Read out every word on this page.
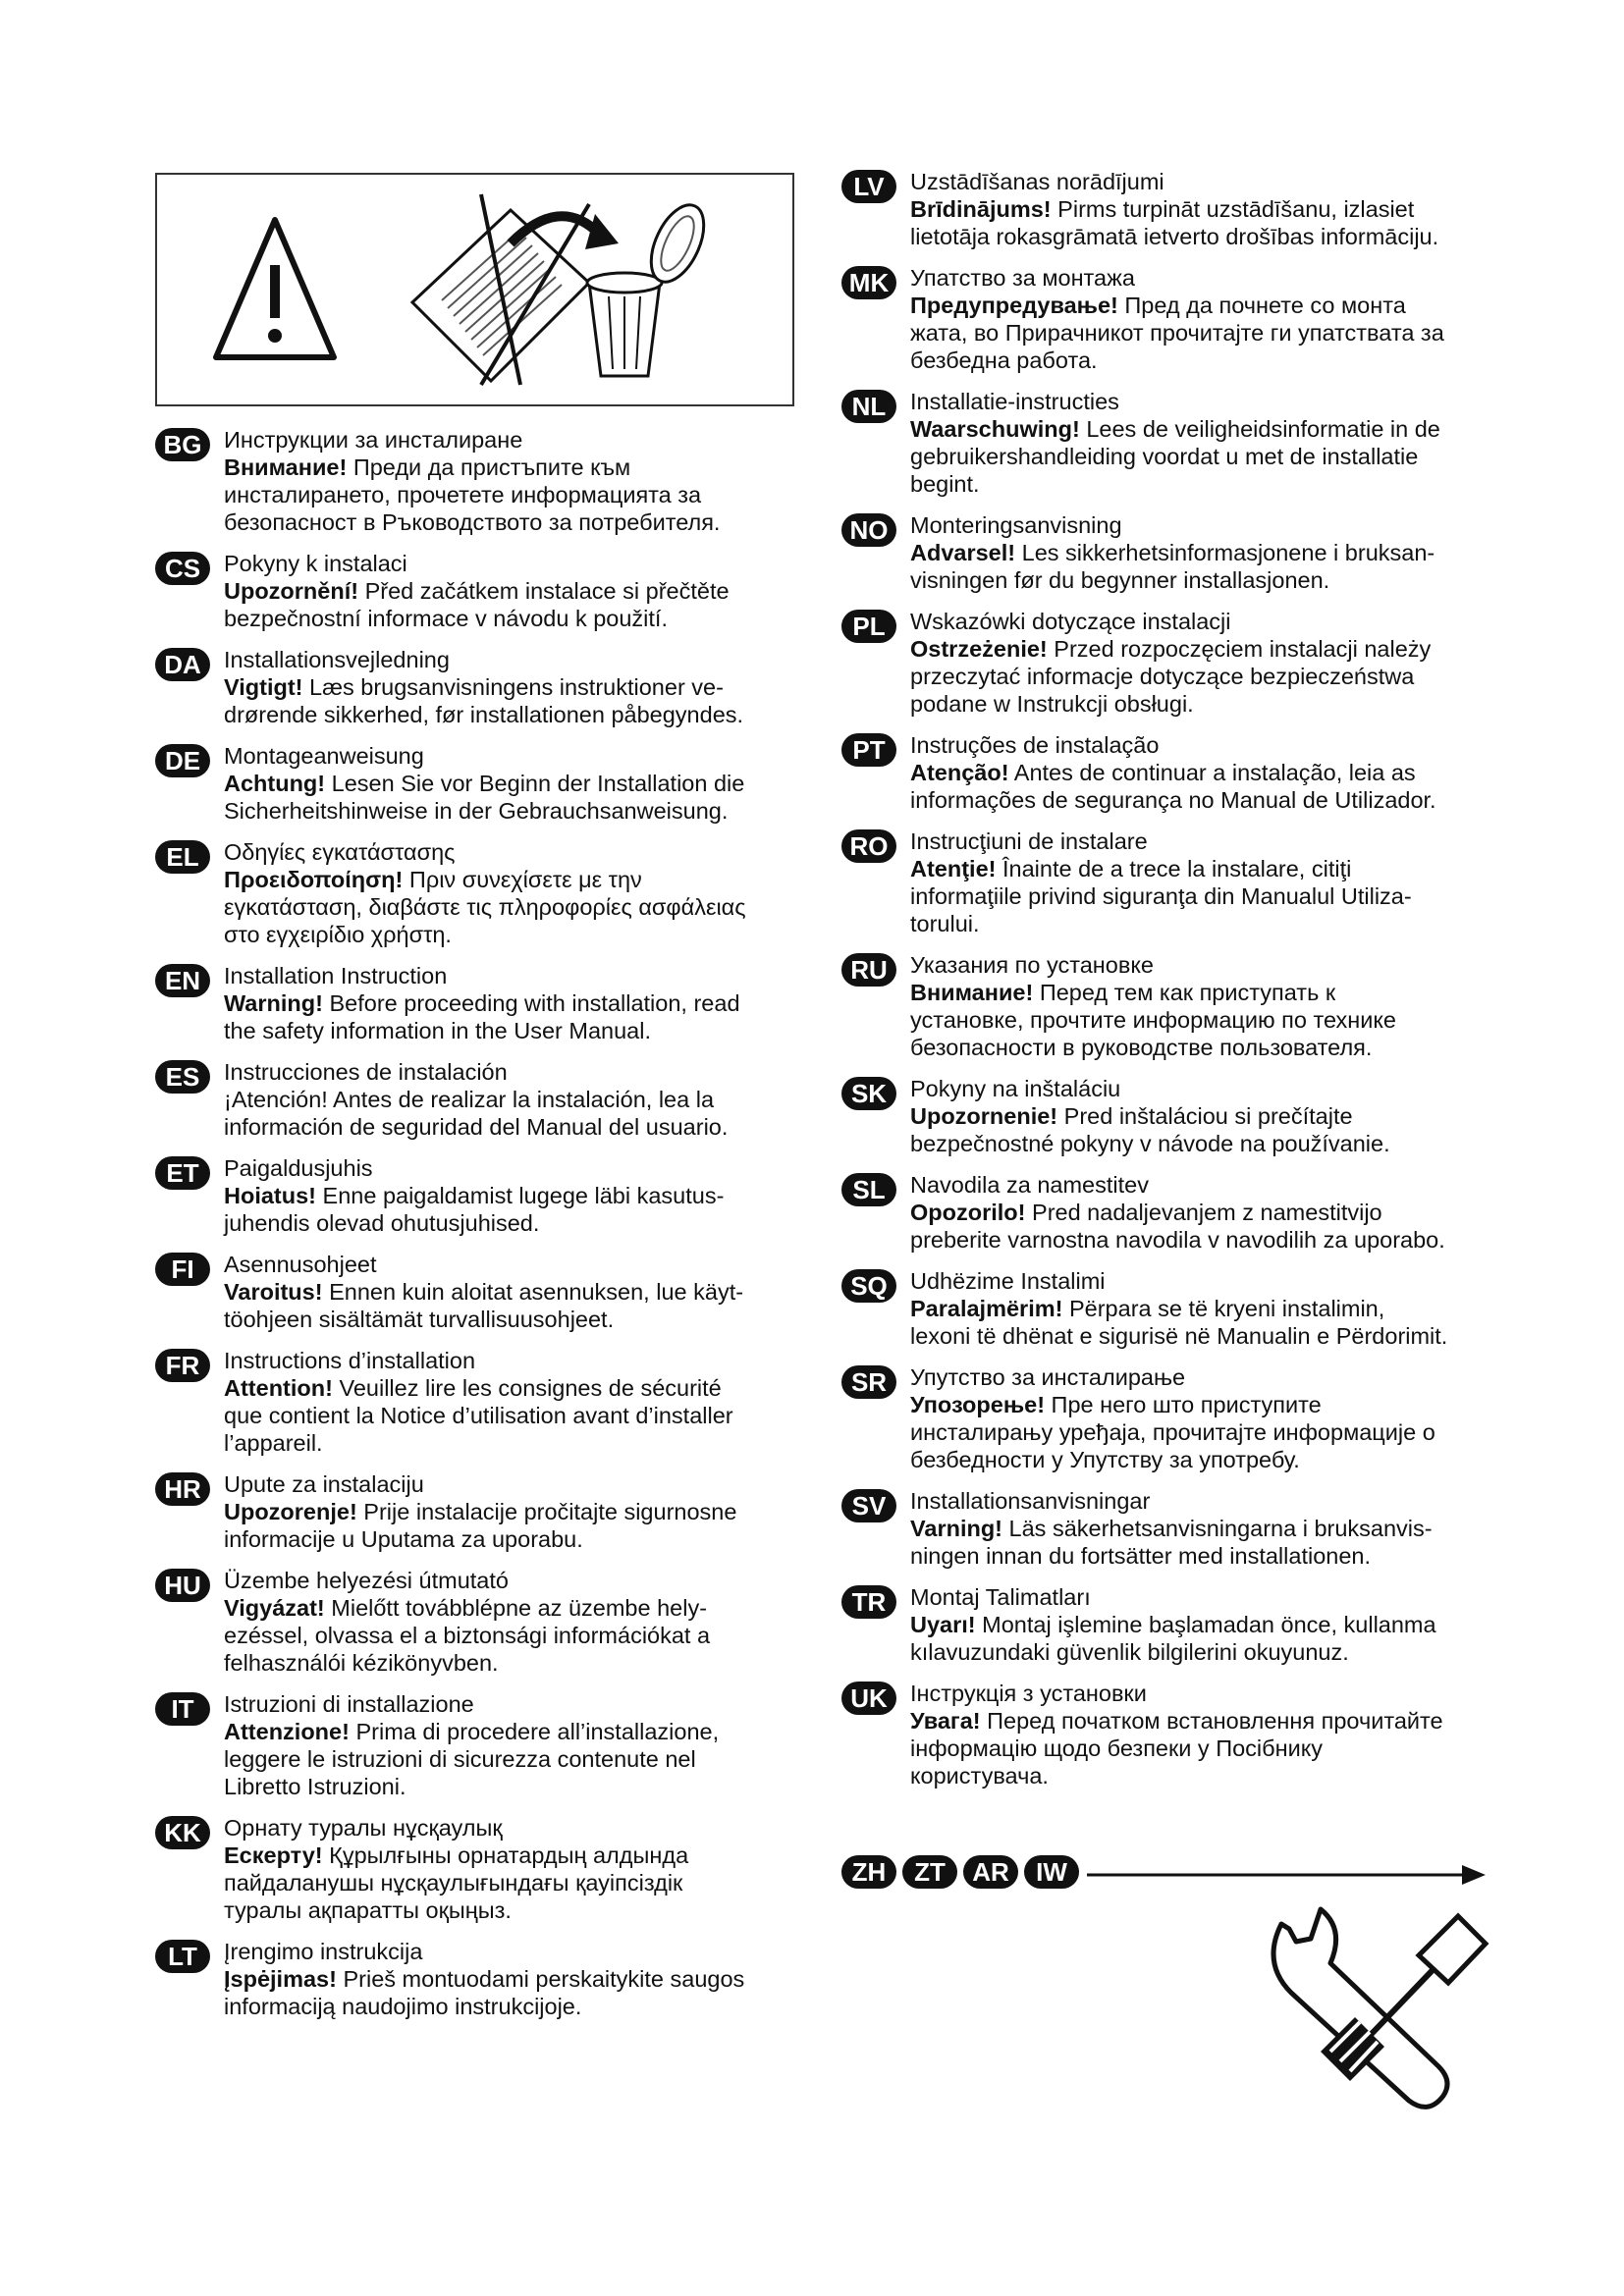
BG Инструкции за инсталиране
Внимание! Преди да пристъпите към
инсталирането, прочетете информацията за
безопасност в Ръководството за потребителя.
CS	Pokyny k instalaci
Upozornění! Před začátkem instalace si přečtěte
bezpečnostní informace v návodu k použití.
DA Installationsvejledning
Vigtigt! Læs brugsanvisningens instruktioner ve-
drørende sikkerhed, før installationen påbegyndes.
DE	Montageanweisung
Achtung! Lesen Sie vor Beginn der Installation die
Sicherheitshinweise in der Gebrauchsanweisung.
EL	Οδηγίες εγκατάστασης
Προειδοποίηση! Πριν συνεχίσετε με την
εγκατάσταση, διαβάστε τις πληροφορίες ασφάλειας
στο εγχειρίδιο χρήστη.
EN	Installation Instruction
Warning! Before proceeding with installation, read
the safety information in the User Manual.
ES	Instrucciones de instalación
¡Atención! Antes de realizar la instalación, lea la
información de seguridad del Manual del usuario.
ET	Paigaldusjuhis
Hoiatus! Enne paigaldamist lugege läbi kasutus-
juhendis olevad ohutusjuhised.
FI	Asennusohjeet
Varoitus! Ennen kuin aloitat asennuksen, lue käyt-
töohjeen sisältämät turvallisuusohjeet.
FR	Instructions d’installation
Attention! Veuillez lire les consignes de sécurité
que contient la Notice d’utilisation avant d’installer
l’appareil.
HR Upute za instalaciju
Upozorenje! Prije instalacije pročitajte sigurnosne
informacije u Uputama za uporabu.
HU Üzembe helyezési útmutató
Vigyázat! Mielőtt továbblépne az üzembe hely-
ezéssel, olvassa el a biztonsági információkat a
felhasználói kézikönyvben.
IT	Istruzioni di installazione
Attenzione! Prima di procedere all’installazione,
leggere le istruzioni di sicurezza contenute nel
Libretto Istruzioni.
KK Орнату туралы нұсқаулық
Ескерту! Құрылғыны орнатардың алдында
пайдаланушы нұсқаулығындағы қауіпсіздік
туралы ақпаратты оқыңыз.
LT	Įrengimo instrukcija
Įspėjimas! Prieš montuodami perskaitykite saugos
informaciją naudojimo instrukcijoje.
LV	Uzstādīšanas norādījumi
Brīdinājums! Pirms turpināt uzstādīšanu, izlasiet
lietotāja rokasgrāmatā ietverto drošības informāciju.
MK Упатство за монтажа
Предупредување! Пред да почнете со монта
жата, во Прирачникот прочитајте ги упатствата за
безбедна работа.
NL	Installatie-instructies
Waarschuwing! Lees de veiligheidsinformatie in de
gebruikershandleiding voordat u met de installatie
begint.
NO Monteringsanvisning
Advarsel! Les sikkerhetsinformasjonene i bruksan-
visningen før du begynner installasjonen.
PL	Wskazówki dotyczące instalacji
Ostrzeżenie! Przed rozpoczęciem instalacji należy
przeczytać informacje dotyczące bezpieczeństwa
podane w Instrukcji obsługi.
PT	Instruções de instalação
Atenção! Antes de continuar a instalação, leia as
informações de segurança no Manual de Utilizador.
RO Instrucţiuni de instalare
Atenţie! Înainte de a trece la instalare, citiţi
informaţiile privind siguranţa din Manualul Utiliza-
torului.
RU Указания по установке
Внимание! Перед тем как приступать к
установке, прочтите информацию по технике
безопасности в руководстве пользователя.
SK	Pokyny na inštaláciu
Upozornenie! Pred inštaláciou si prečítajte
bezpečnostné pokyny v návode na používanie.
SL	Navodila za namestitev
Opozorilo! Pred nadaljevanjem z namestitvijo
preberite varnostna navodila v navodilih za uporabo.
SQ Udhëzime Instalimi
Paralajmërim! Përpara se të kryeni instalimin,
lexoni të dhënat e sigurisë në Manualin e Përdorimit.
SR	Упутство за инсталирање
Упозорење! Пре него што приступите
инсталирању уређаја, прочитајте информације о
безбедности у Упутству за употребу.
SV	Installationsanvisningar
Varning! Läs säkerhetsanvisningarna i bruksanvis-
ningen innan du fortsätter med installationen.
TR	Montaj Talimatları
Uyarı! Montaj işlemine başlamadan önce, kullanma
kılavuzundaki güvenlik bilgilerini okuyunuz.
UK Інструкція з установки
Увага! Перед початком встановлення прочитайте
інформацію щодо безпеки у Посібнику
користувача.
ZH	ZT	AR	IW
